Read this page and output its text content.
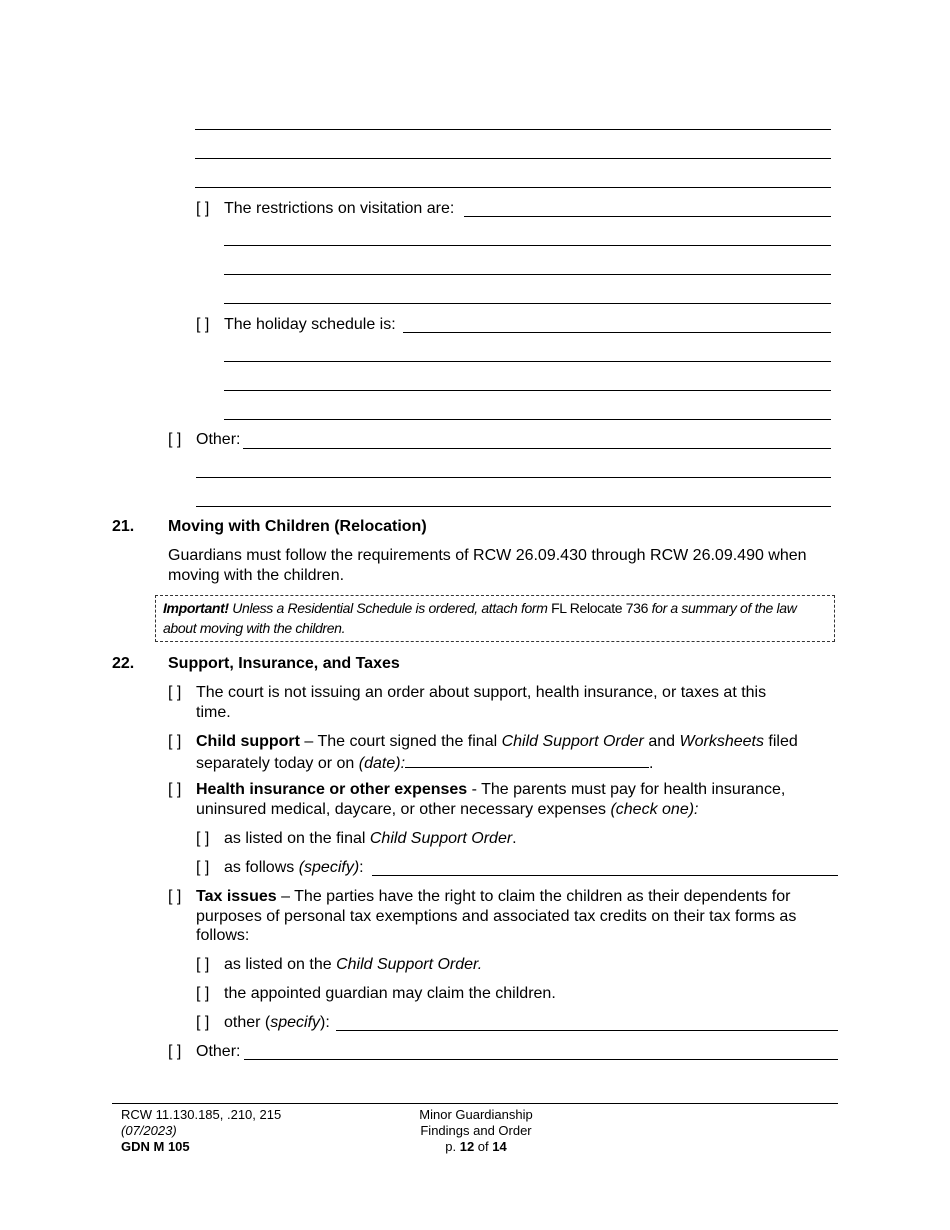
[ ] The restrictions on visitation are:
[ ] The holiday schedule is:
[ ] Other:
21. Moving with Children (Relocation)
Guardians must follow the requirements of RCW 26.09.430 through RCW 26.09.490 when
moving with the children.
Important! Unless a Residential Schedule is ordered, attach form FL Relocate 736 for a summary of the law
about moving with the children.
22. Support, Insurance, and Taxes
[ ] The court is not issuing an order about support, health insurance, or taxes at this
time.
[ ] Child support – The court signed the final Child Support Order and Worksheets filed
separately today or on (date):	.
[ ] Health insurance or other expenses - The parents must pay for health insurance,
uninsured medical, daycare, or other necessary expenses (check one):
[ ] as listed on the final Child Support Order.
[ ] as follows (specify):
[ ] Tax issues – The parties have the right to claim the children as their dependents for
purposes of personal tax exemptions and associated tax credits on their tax forms as
follows:
[ ] as listed on the Child Support Order.
[ ] the appointed guardian may claim the children.
[ ] other (specify):
[ ] Other:
RCW 11.130.185, .210, 215
(07/2023)
GDN M 105
Minor Guardianship
Findings and Order
p. 12 of 14
